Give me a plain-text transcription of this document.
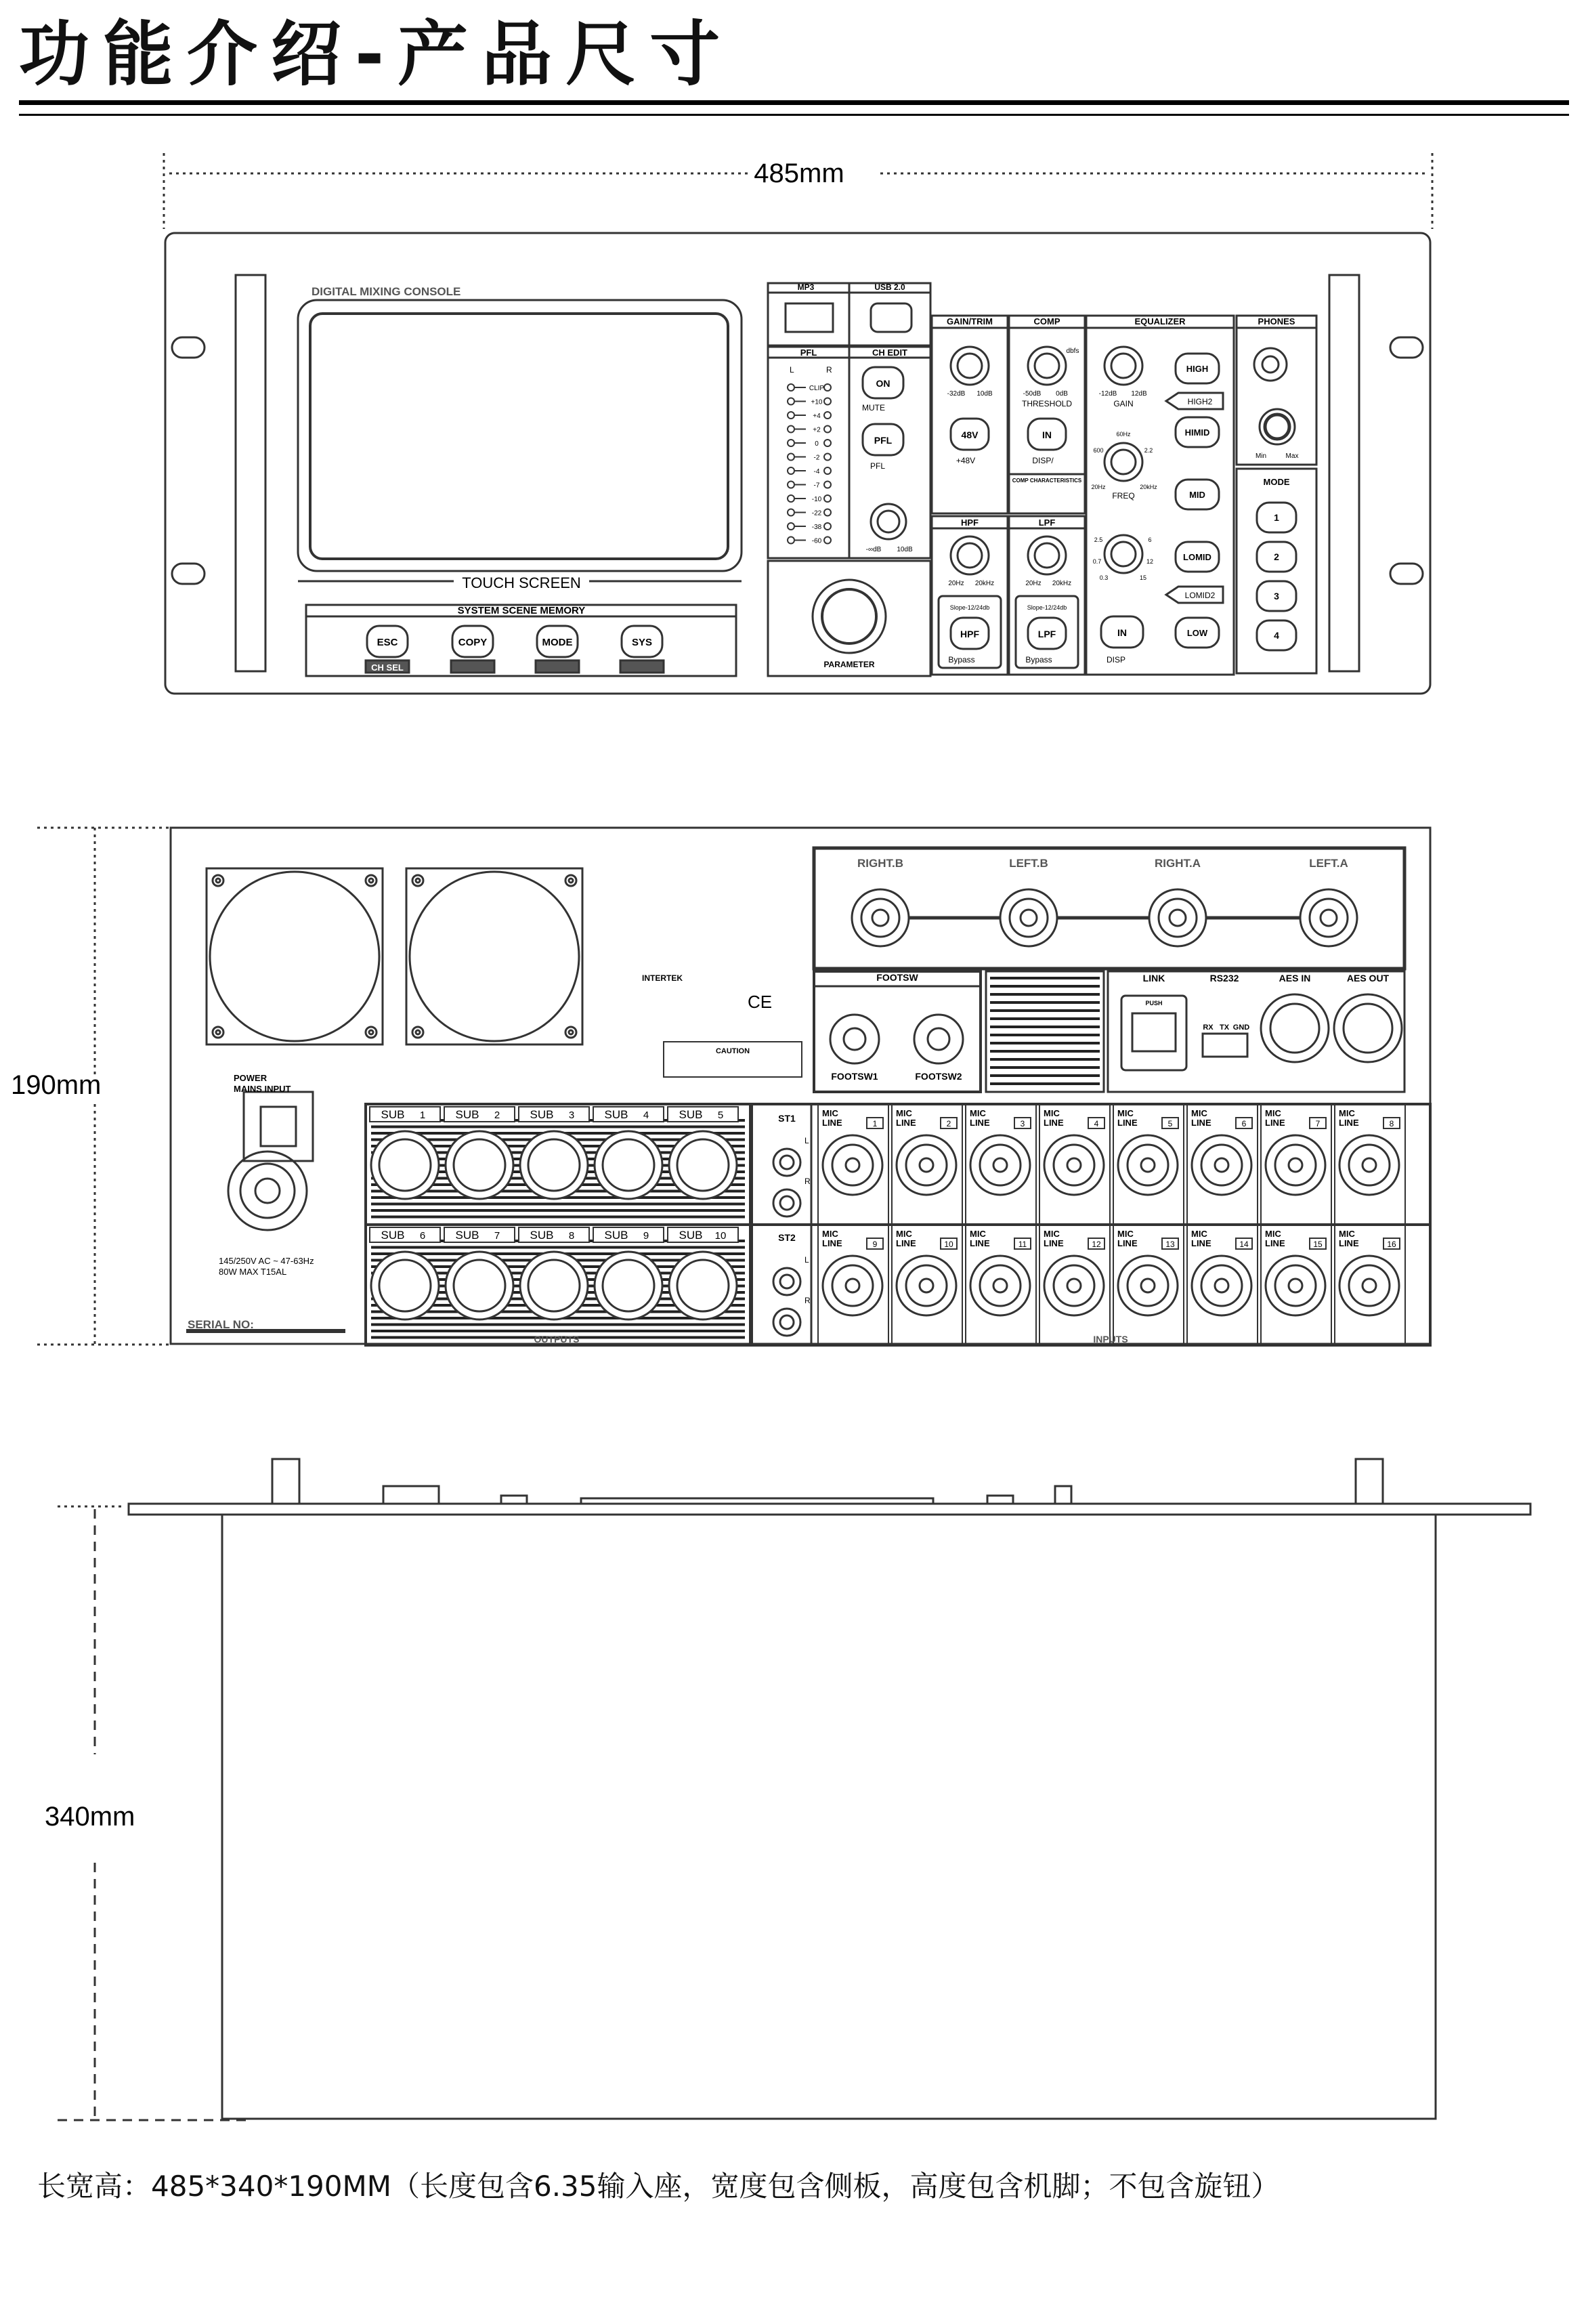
功能介绍-产品尺寸
485mm
DIGITAL MIXING CONSOLE
TOUCH SCREEN
SYSTEM SCENE MEMORY
ESC	COPY	MODE	SYS
CH SEL
MP3	USB 2.0
PFL	CH EDIT
L	R
CLIP
+10
+4
+2
0
-2
-4
-7
-10
-22
-38
-60
ON
MUTE
PFL
PFL
-∞dB 10dB
PARAMETER
GAIN/TRIM
-32dB 10dB
48V
+48V
COMP
dbfs
-50dB 0dB
THRESHOLD
IN
DISP/
COMP CHARACTERISTICS
HPF
20Hz 20kHz
Slope-12/24db
HPF
Bypass
LPF
20Hz 20kHz
Slope-12/24db
LPF
Bypass
EQUALIZER
-12dB 12dB
GAIN
FREQ
60Hz
600	2.2
20Hz	20kHz
2.5	6
0.7	12
0.3	15
IN
DISP
HIGH
HIGH2
HIMID
MID
LOMID
LOMID2
LOW
PHONES
Min	Max
MODE
1
2
3
4
RIGHT.B	LEFT.B	RIGHT.A	LEFT.A
SUB 1	SUB 2	SUB 3	SUB 4	SUB 5
SUB 6	SUB 7	SUB 8	SUB 9	SUB 10
MIC
LINE	1
MIC
LINE	2
MIC
LINE	3
MIC
LINE	4
MIC
LINE	5
MIC
LINE	6
MIC
LINE	7
MIC
LINE	8
MIC
LINE	9
MIC
LINE	10
MIC
LINE	11
MIC
LINE	12
MIC
LINE	13
MIC
LINE	14
MIC
LINE	15
MIC
LINE	16
190mm
INTERTEK
CE
CAUTION
POWER
MAINS INPUT
145/250V AC ~ 47-63Hz
80W MAX T15AL
SERIAL NO:
FOOTSW
FOOTSW1	FOOTSW2
LINK	RS232	AES IN	AES OUT
PUSH
RX TX GND
ST1
ST2
L
R
L
R
OUTPUTS	INPUTS
340mm
长宽高：485*340*190MM（长度包含6.35输入座，宽度包含侧板，高度包含机脚；不包含旋钮）
